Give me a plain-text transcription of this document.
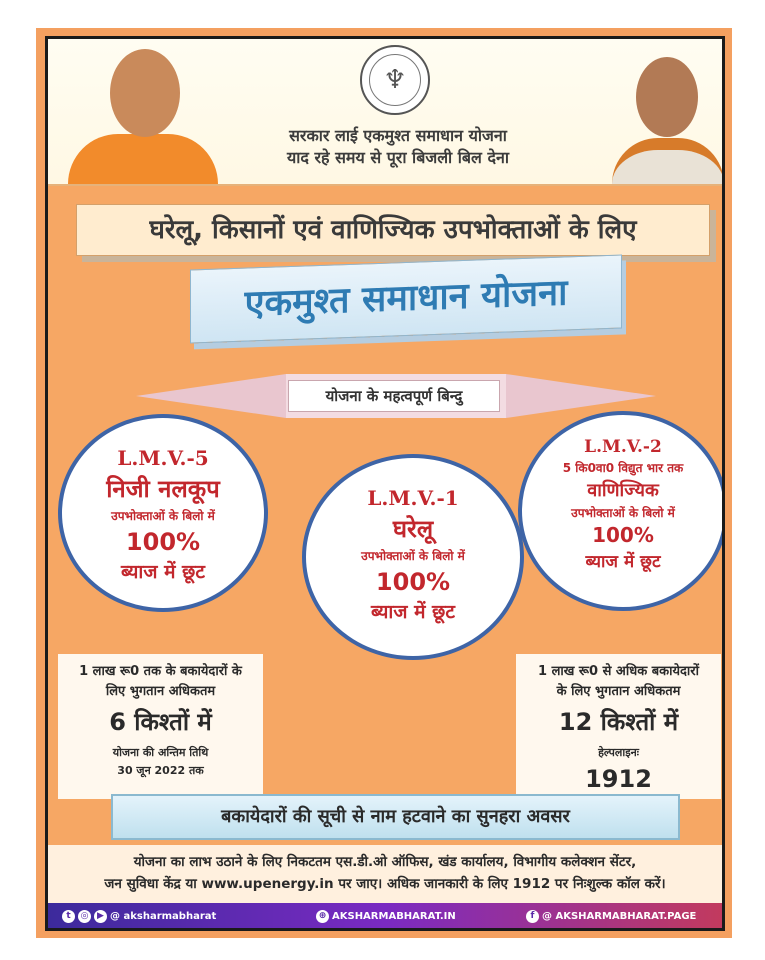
♆
सरकार लाई एकमुश्त समाधान योजना
याद रहे समय से पूरा बिजली बिल देना
घरेलू, किसानों एवं वाणिज्यिक उपभोक्ताओं के लिए
एकमुश्त समाधान योजना
योजना के महत्वपूर्ण बिन्दु
L.M.V.-5
निजी नलकूप
उपभोक्ताओं के बिलो में
100%
ब्याज में छूट
L.M.V.-1
घरेलू
उपभोक्ताओं के बिलो में
100%
ब्याज में छूट
L.M.V.-2
5 कि0वा0 विद्युत भार तक
वाणिज्यिक
उपभोक्ताओं के बिलो में
100%
ब्याज में छूट
1 लाख रू0 तक के बकायेदारों के
लिए भुगतान अधिकतम
6 किश्तों में
योजना की अन्तिम तिथि
30 जून 2022 तक
1 लाख रू0 से अधिक बकायेदारों
के लिए भुगतान अधिकतम
12 किश्तों में
हेल्पलाइनः
1912
बकायेदारों की सूची से नाम हटवाने का सुनहरा अवसर
योजना का लाभ उठाने के लिए निकटतम एस.डी.ओ ऑफिस, खंड कार्यालय, विभागीय कलेक्शन सेंटर,
जन सुविधा केंद्र या www.upenergy.in पर जाए। अधिक जानकारी के लिए 1912 पर निःशुल्क कॉल करें।
t ◎ ▶ @ aksharmabharat	⊕ AKSHARMABHARAT.IN	f @ AKSHARMABHARAT.PAGE
